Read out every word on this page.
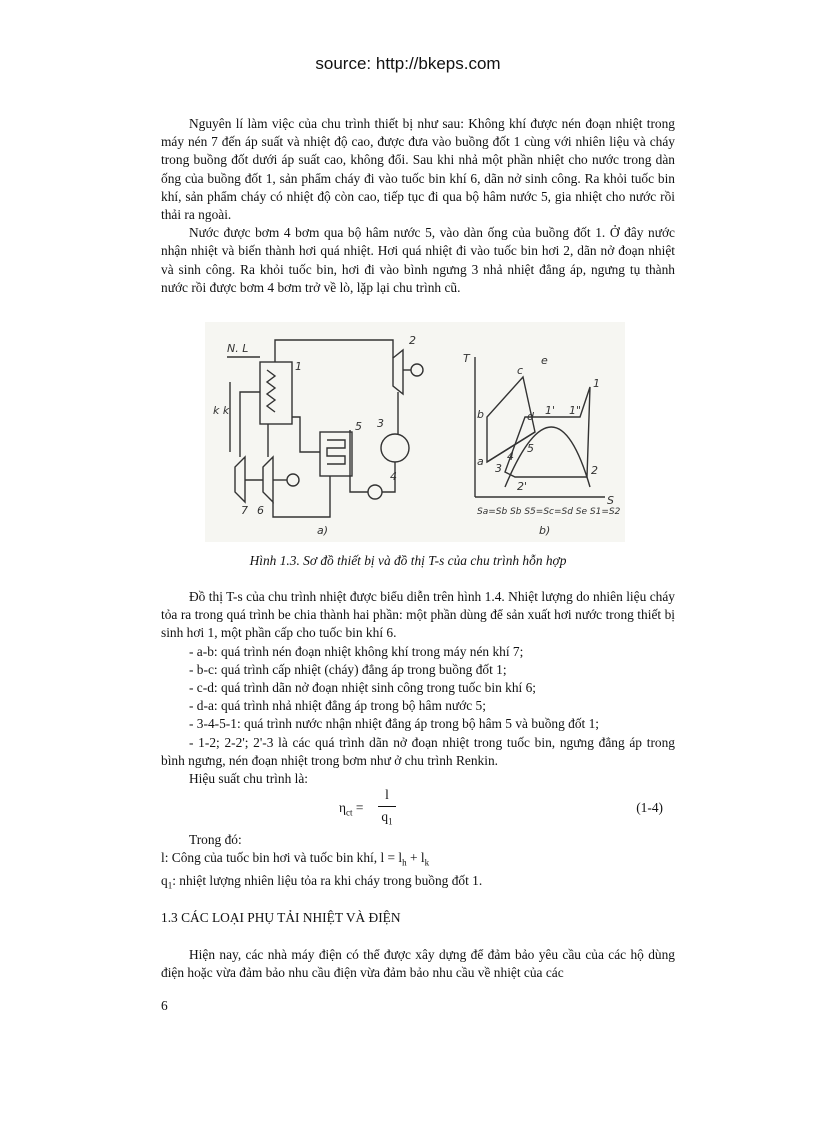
source: http://bkeps.com

Nguyên lí làm việc của chu trình thiết bị như sau: Không khí được nén đoạn nhiệt trong máy nén 7 đến áp suất và nhiệt độ cao, được đưa vào buồng đốt 1 cùng với nhiên liệu và cháy trong buồng đốt dưới áp suất cao, không đổi. Sau khi nhả một phần nhiệt cho nước trong dàn ống của buồng đốt 1, sản phẩm cháy đi vào tuốc bin khí 6, dãn nở sinh công. Ra khỏi tuốc bin khí, sản phẩm cháy có nhiệt độ còn cao, tiếp tục đi qua bộ hâm nước 5, gia nhiệt cho nước rồi thải ra ngoài.

Nước được bơm 4 bơm qua bộ hâm nước 5, vào dàn ống của buồng đốt 1. Ở đây nước nhận nhiệt và biến thành hơi quá nhiệt. Hơi quá nhiệt đi vào tuốc bin hơi 2, dãn nở đoạn nhiệt và sinh công. Ra khỏi tuốc bin, hơi đi vào bình ngưng 3 nhả nhiệt đẳng áp, ngưng tụ thành nước rồi được bơm 4 bơm trở về lò, lặp lại chu trình cũ.

1
2
3
4
5
6
7
N. L
k k
a)
T
S
a
b
c
d
e
1
1' 1"
2
2'
3
4
5
Sa=Sb Sb S5=Sc=Sd Se S1=S2
b)
Hình 1.3. Sơ đồ thiết bị và đồ thị T-s của chu trình hỗn hợp

Đồ thị T-s của chu trình nhiệt được biểu diễn trên hình 1.4. Nhiệt lượng do nhiên liệu cháy tỏa ra trong quá trình be chia thành hai phần: một phần dùng để sản xuất hơi nước trong thiết bị sinh hơi 1, một phần cấp cho tuốc bin khí 6.

- a-b: quá trình nén đoạn nhiệt không khí trong máy nén khí 7;
- b-c: quá trình cấp nhiệt (cháy) đẳng áp trong buồng đốt 1;
- c-d: quá trình dãn nở đoạn nhiệt sinh công trong tuốc bin khí 6;
- d-a: quá trình nhả nhiệt đẳng áp trong bộ hâm nước 5;
- 3-4-5-1: quá trình nước nhận nhiệt đẳng áp trong bộ hâm 5 và buồng đốt 1;
- 1-2; 2-2'; 2'-3 là các quá trình dãn nở đoạn nhiệt trong tuốc bin, ngưng đẳng áp trong bình ngưng, nén đoạn nhiệt trong bơm như ở chu trình Renkin.
Hiệu suất chu trình là:
$\eta_{ct}$ =
l
$q_1$
(1-4)
Trong đó:
l: Công của tuốc bin hơi và tuốc bin khí, $l = l_h + l_k$
$q_1$: nhiệt lượng nhiên liệu tỏa ra khi cháy trong buồng đốt 1.
1.3 CÁC LOẠI PHỤ TẢI NHIỆT VÀ ĐIỆN

Hiện nay, các nhà máy điện có thể được xây dựng để đảm bảo yêu cầu của các hộ dùng điện hoặc vừa đảm bảo nhu cầu điện vừa đảm bảo nhu cầu về nhiệt của các

6
